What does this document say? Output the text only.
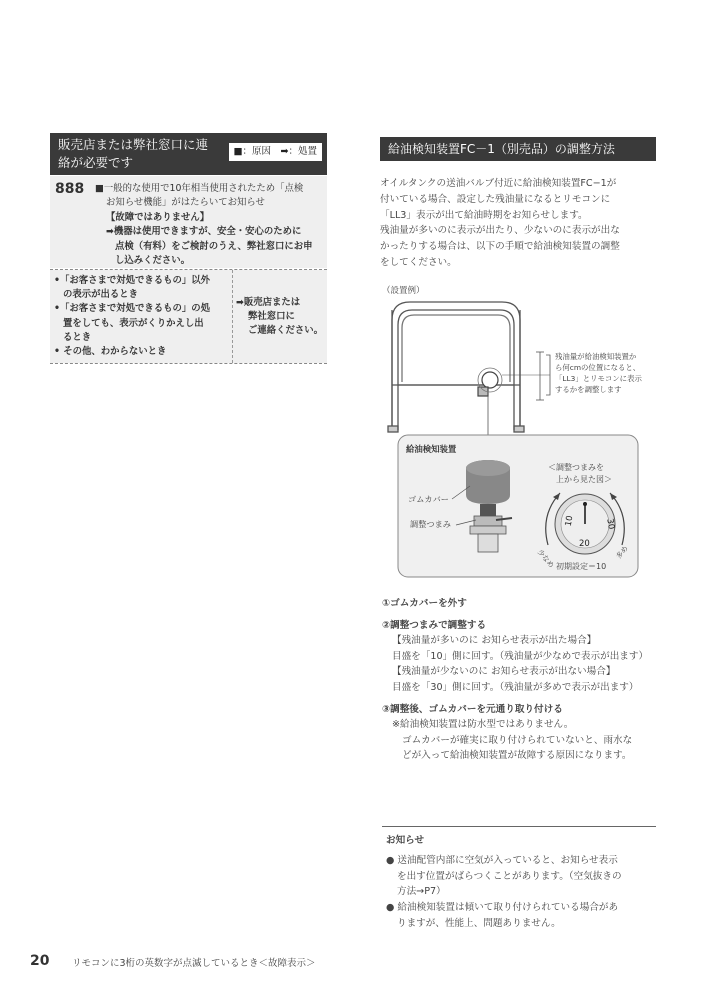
販売店または弊社窓口に連絡が必要です
■：原因　➡：処置
888 ■一般的な使用で10年相当使用されたため「点検

お知らせ機能」がはたらいてお知らせ

【故障ではありません】

➡機器は使用できますが、安全・安心のために

点検（有料）をご検討のうえ、弊社窓口にお申

し込みください。

•「お客さまで対処できるもの」以外

の表示が出るとき

•「お客さまで対処できるもの」の処

置をしても、表示がくりかえし出

るとき

• その他、わからないとき

➡販売店または
弊社窓口に
ご連絡ください。
給油検知装置FC－1（別売品）の調整方法

オイルタンクの送油バルブ付近に給油検知装置FC−1が

付いている場合、設定した残油量になるとリモコンに

「LL3」表示が出て給油時期をお知らせします。

残油量が多いのに表示が出たり、少ないのに表示が出な

かったりする場合は、以下の手順で給油検知装置の調整

をしてください。

（設置例）
残油量が給油検知装置か
ら何cmの位置になると、
「LL3」とリモコンに表示
するかを調整します
給油検知装置
ゴムカバー
調整つまみ
＜調整つまみを
上から見た図＞
10	30
20
少なめ	多め
初期設定＝10

①ゴムカバーを外す

②調整つまみで調整する

【残油量が多いのに お知らせ表示が出た場合】

目盛を「10」側に回す。（残油量が少なめで表示が出ます）

【残油量が少ないのに お知らせ表示が出ない場合】

目盛を「30」側に回す。（残油量が多めで表示が出ます）

③調整後、ゴムカバーを元通り取り付ける

※給油検知装置は防水型ではありません。

ゴムカバーが確実に取り付けられていないと、雨水な

どが入って給油検知装置が故障する原因になります。

お知らせ

● 送油配管内部に空気が入っていると、お知らせ表示

を出す位置がばらつくことがあります。（空気抜きの

方法→P7）

● 給油検知装置は傾いて取り付けられている場合があ

りますが、性能上、問題ありません。

20 リモコンに3桁の英数字が点滅しているとき＜故障表示＞
